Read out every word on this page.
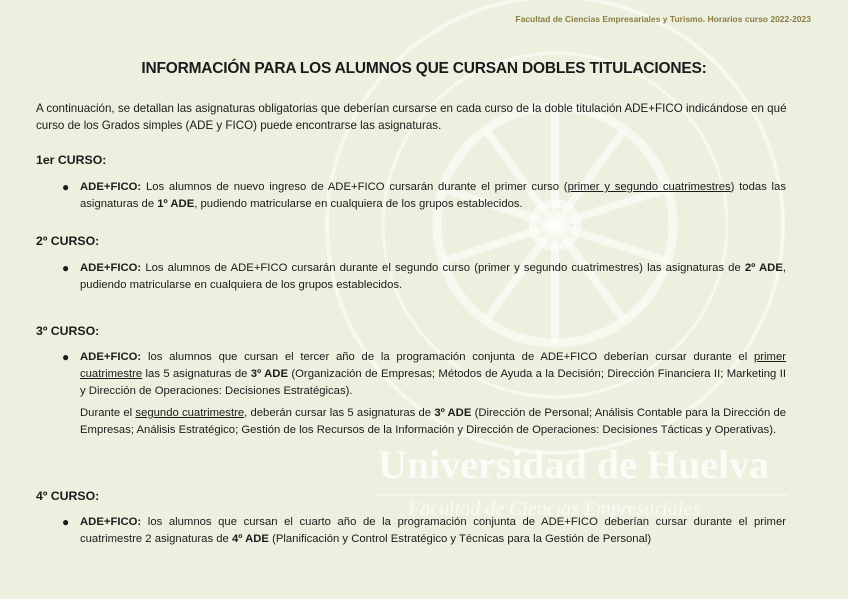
Universidad de Huelva
Facultad de Ciencias Empresariales
Facultad de Ciencias Empresariales y Turismo. Horarios curso 2022-2023
INFORMACIÓN PARA LOS ALUMNOS QUE CURSAN DOBLES TITULACIONES:

A continuación, se detallan las asignaturas obligatorias que deberían cursarse en cada curso de la doble titulación ADE+FICO indicándose en qué curso de los Grados simples (ADE y FICO) puede encontrarse las asignaturas.

1er CURSO:
● ADE+FICO: Los alumnos de nuevo ingreso de ADE+FICO cursarán durante el primer curso (primer y segundo cuatrimestres) todas las asignaturas de 1º ADE, pudiendo matricularse en cualquiera de los grupos establecidos.

2º CURSO:
● ADE+FICO: Los alumnos de ADE+FICO cursarán durante el segundo curso (primer y segundo cuatrimestres) las asignaturas de 2º ADE, pudiendo matricularse en cualquiera de los grupos establecidos.

3º CURSO:
● ADE+FICO: los alumnos que cursan el tercer año de la programación conjunta de ADE+FICO deberían cursar durante el primer cuatrimestre las 5 asignaturas de 3º ADE (Organización de Empresas; Métodos de Ayuda a la Decisión; Dirección Financiera II; Marketing II y Dirección de Operaciones: Decisiones Estratégicas).

Durante el segundo cuatrimestre, deberán cursar las 5 asignaturas de 3º ADE (Dirección de Personal; Análisis Contable para la Dirección de Empresas; Análisis Estratégico; Gestión de los Recursos de la Información y Dirección de Operaciones: Decisiones Tácticas y Operativas).

4º CURSO:
● ADE+FICO: los alumnos que cursan el cuarto año de la programación conjunta de ADE+FICO deberían cursar durante el primer cuatrimestre 2 asignaturas de 4º ADE (Planificación y Control Estratégico y Técnicas para la Gestión de Personal)
